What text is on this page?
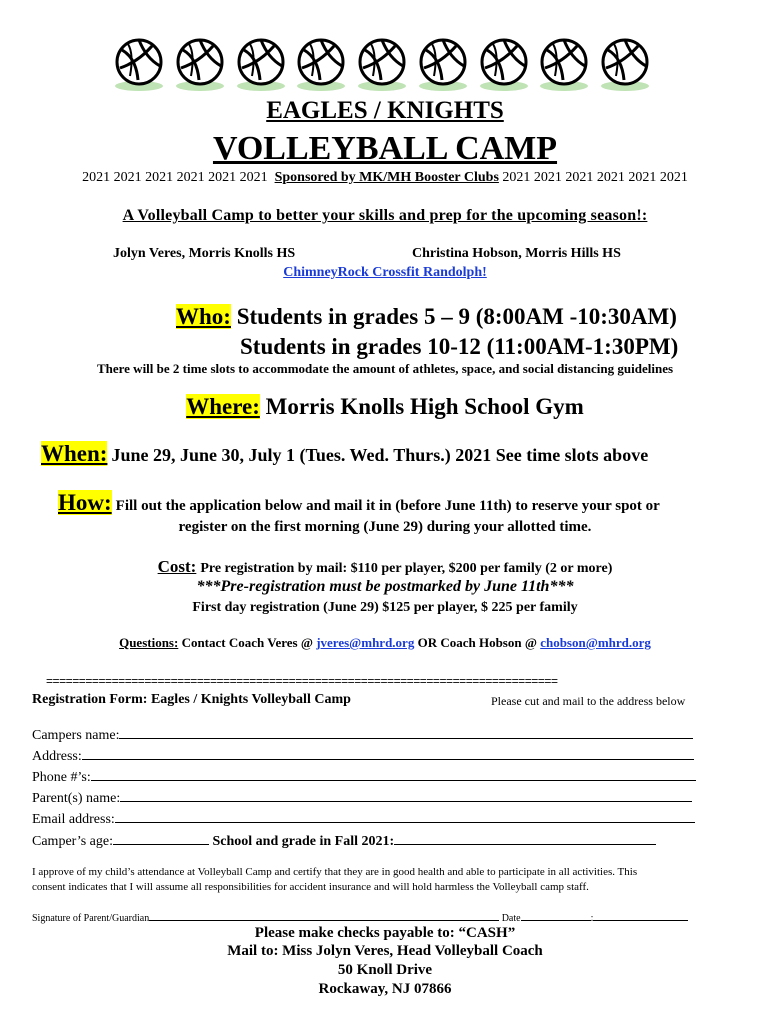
EAGLES / KNIGHTS
VOLLEYBALL CAMP
2021 2021 2021 2021 2021 2021 Sponsored by MK/MH Booster Clubs 2021 2021 2021 2021 2021 2021
A Volleyball Camp to better your skills and prep for the upcoming season!:
Jolyn Veres, Morris Knolls HS	Christina Hobson, Morris Hills HS
ChimneyRock Crossfit Randolph!
Who: Students in grades 5 – 9 (8:00AM -10:30AM)
Students in grades 10-12 (11:00AM-1:30PM)
There will be 2 time slots to accommodate the amount of athletes, space, and social distancing guidelines
Where: Morris Knolls High School Gym
When: June 29, June 30, July 1 (Tues. Wed. Thurs.) 2021 See time slots above
How: Fill out the application below and mail it in (before June 11th) to reserve your spot or
register on the first morning (June 29) during your allotted time.
Cost: Pre registration by mail: $110 per player, $200 per family (2 or more)
***Pre-registration must be postmarked by June 11th***
First day registration (June 29) $125 per player, $ 225 per family
Questions: Contact Coach Veres @ jveres@mhrd.org OR Coach Hobson @ chobson@mhrd.org
==============================================================================
Registration Form: Eagles / Knights Volleyball Camp	Please cut and mail to the address below
Campers name:
Address:
Phone #’s:
Parent(s) name:
Email address:
Camper’s age:	School and grade in Fall 2021:
I approve of my child’s attendance at Volleyball Camp and certify that they are in good health and able to participate in all activities. This
consent indicates that I will assume all responsibilities for accident insurance and will hold harmless the Volleyball camp staff.
Signature of Parent/Guardian	Date	:
Please make checks payable to: “CASH”
Mail to: Miss Jolyn Veres, Head Volleyball Coach
50 Knoll Drive
Rockaway, NJ 07866
